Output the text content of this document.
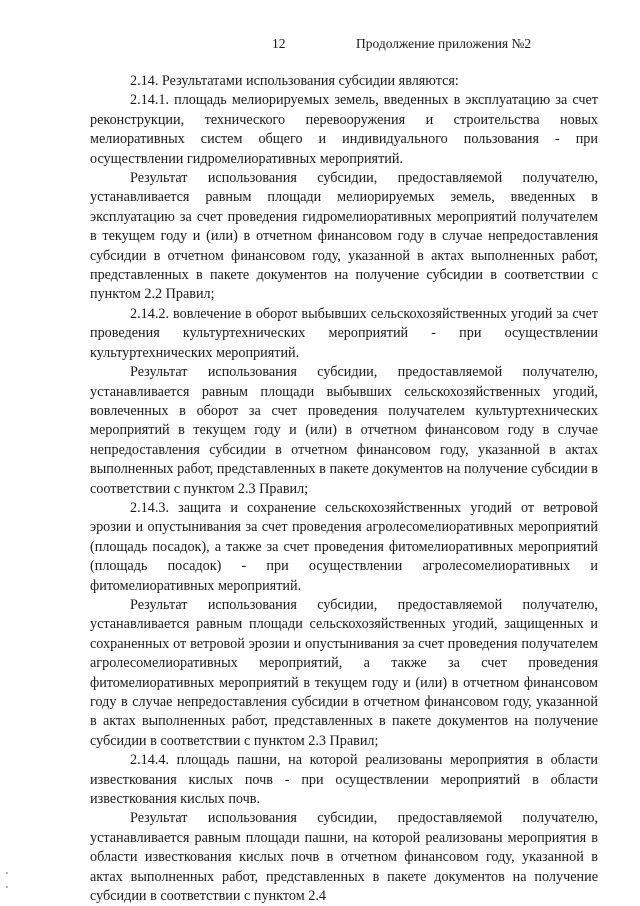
12	Продолжение приложения №2

2.14. Результатами использования субсидии являются:

2.14.1. площадь мелиорируемых земель, введенных в эксплуатацию за счет реконструкции, технического перевооружения и строительства новых мелиоративных систем общего и индивидуального пользования - при осуществлении гидромелиоративных мероприятий.

Результат использования субсидии, предоставляемой получателю, устанавливается равным площади мелиорируемых земель, введенных в эксплуатацию за счет проведения гидромелиоративных мероприятий получателем в текущем году и (или) в отчетном финансовом году в случае непредоставления субсидии в отчетном финансовом году, указанной в актах выполненных работ, представленных в пакете документов на получение субсидии в соответствии с пунктом 2.2 Правил;

2.14.2. вовлечение в оборот выбывших сельскохозяйственных угодий за счет проведения культуртехнических мероприятий - при осуществлении культуртехнических мероприятий.

Результат использования субсидии, предоставляемой получателю, устанавливается равным площади выбывших сельскохозяйственных угодий, вовлеченных в оборот за счет проведения получателем культуртехнических мероприятий в текущем году и (или) в отчетном финансовом году в случае непредоставления субсидии в отчетном финансовом году, указанной в актах выполненных работ, представленных в пакете документов на получение субсидии в соответствии с пунктом 2.3 Правил;

2.14.3. защита и сохранение сельскохозяйственных угодий от ветровой эрозии и опустынивания за счет проведения агролесомелиоративных мероприятий (площадь посадок), а также за счет проведения фитомелиоративных мероприятий (площадь посадок) - при осуществлении агролесомелиоративных и фитомелиоративных мероприятий.

Результат использования субсидии, предоставляемой получателю, устанавливается равным площади сельскохозяйственных угодий, защищенных и сохраненных от ветровой эрозии и опустынивания за счет проведения получателем агролесомелиоративных мероприятий, а также за счет проведения фитомелиоративных мероприятий в текущем году и (или) в отчетном финансовом году в случае непредоставления субсидии в отчетном финансовом году, указанной в актах выполненных работ, представленных в пакете документов на получение субсидии в соответствии с пунктом 2.3 Правил;

2.14.4. площадь пашни, на которой реализованы мероприятия в области известкования кислых почв - при осуществлении мероприятий в области известкования кислых почв.

Результат использования субсидии, предоставляемой получателю, устанавливается равным площади пашни, на которой реализованы мероприятия в области известкования кислых почв в отчетном финансовом году, указанной в актах выполненных работ, представленных в пакете документов на получение субсидии в соответствии с пунктом 2.4
